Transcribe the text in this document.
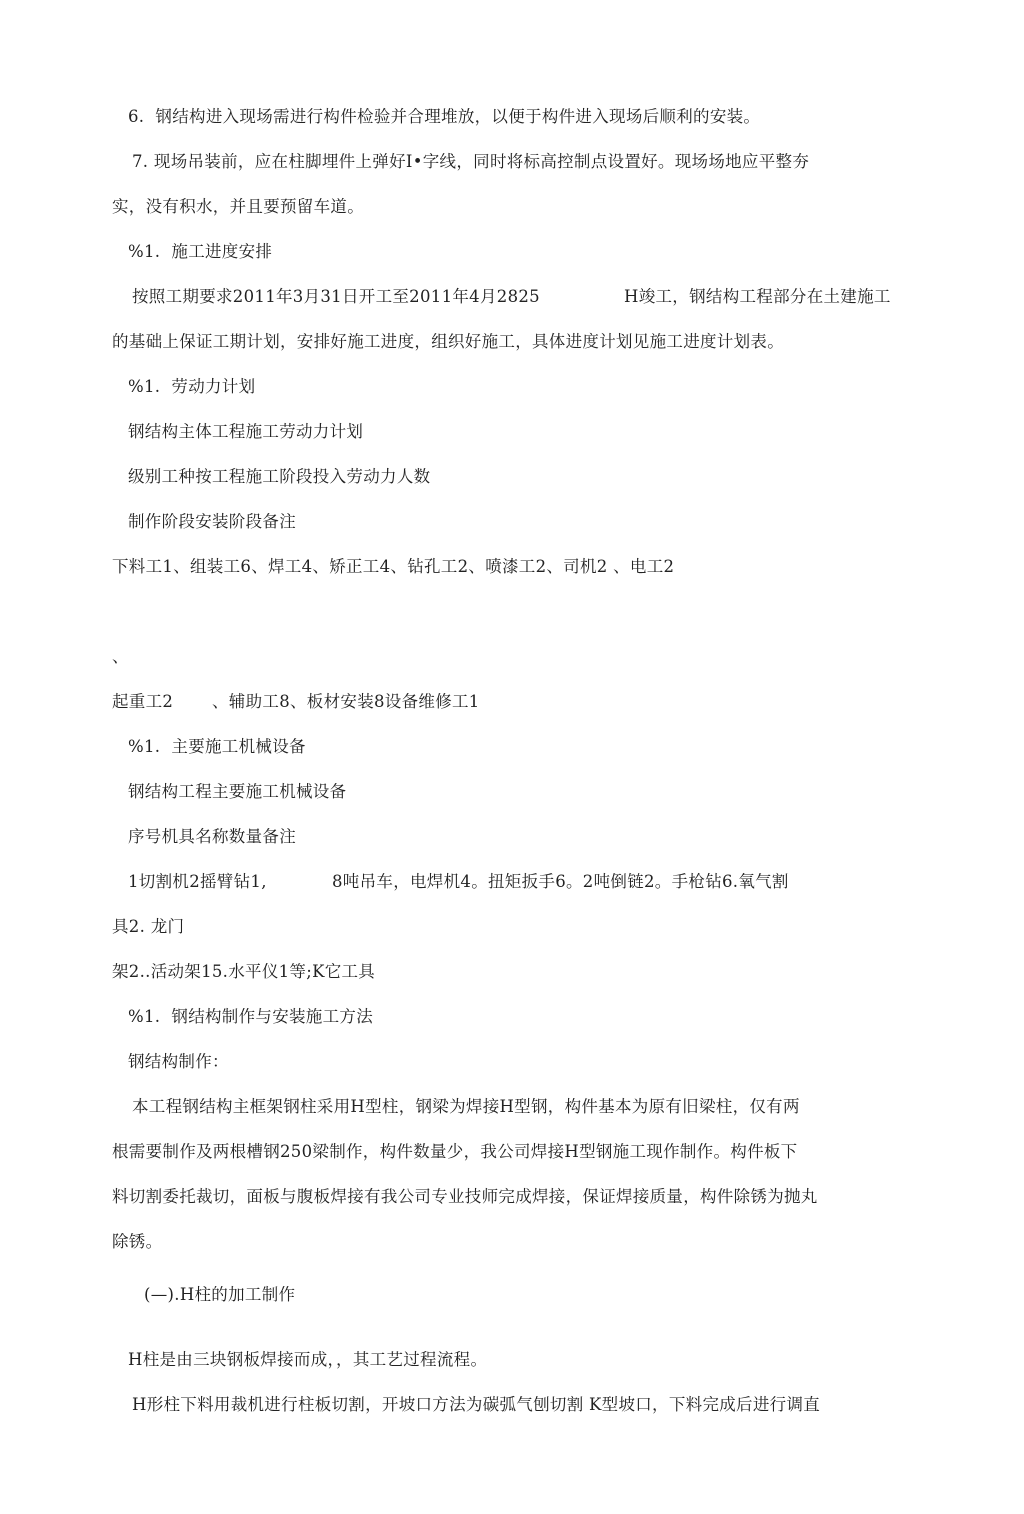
6.  钢结构进入现场需进行构件检验并合理堆放，以便于构件进入现场后顺利的安装。
7. 现场吊装前，应在柱脚埋件上弹好I•字线，同时将标高控制点设置好。现场场地应平整夯
实，没有积水，并且要预留车道。
%1.  施工进度安排
按照工期要求2011年3月31日开工至2011年4月2825	H竣工，钢结构工程部分在土建施工
的基础上保证工期计划，安排好施工进度，组织好施工，具体进度计划见施工进度计划表。
%1.  劳动力计划
钢结构主体工程施工劳动力计划
级别工种按工程施工阶段投入劳动力人数
制作阶段安装阶段备注
下料工1、组装工6、焊工4、矫正工4、钻孔工2、喷漆工2、司机2 、电工2
、
起重工2 、辅助工8、板材安装8设备维修工1
%1.  主要施工机械设备
钢结构工程主要施工机械设备
序号机具名称数量备注
1切割机2摇臂钻1,	8吨吊车，电焊机4。扭矩扳手6。2吨倒链2。手枪钻6.氧气割
具2. 龙门
架2..活动架15.水平仪1等;K它工具
%1.  钢结构制作与安装施工方法
钢结构制作：
本工程钢结构主框架钢柱采用H型柱，钢梁为焊接H型钢，构件基本为原有旧梁柱，仅有两
根需要制作及两根槽钢250梁制作，构件数量少，我公司焊接H型钢施工现作制作。构件板下
料切割委托裁切，面板与腹板焊接有我公司专业技师完成焊接，保证焊接质量，构件除锈为抛丸
除锈。
(—).H柱的加工制作
H柱是由三块钢板焊接而成，，其工艺过程流程。
H形柱下料用裁机进行柱板切割，开坡口方法为碳弧气刨切割 K型坡口，下料完成后进行调直
